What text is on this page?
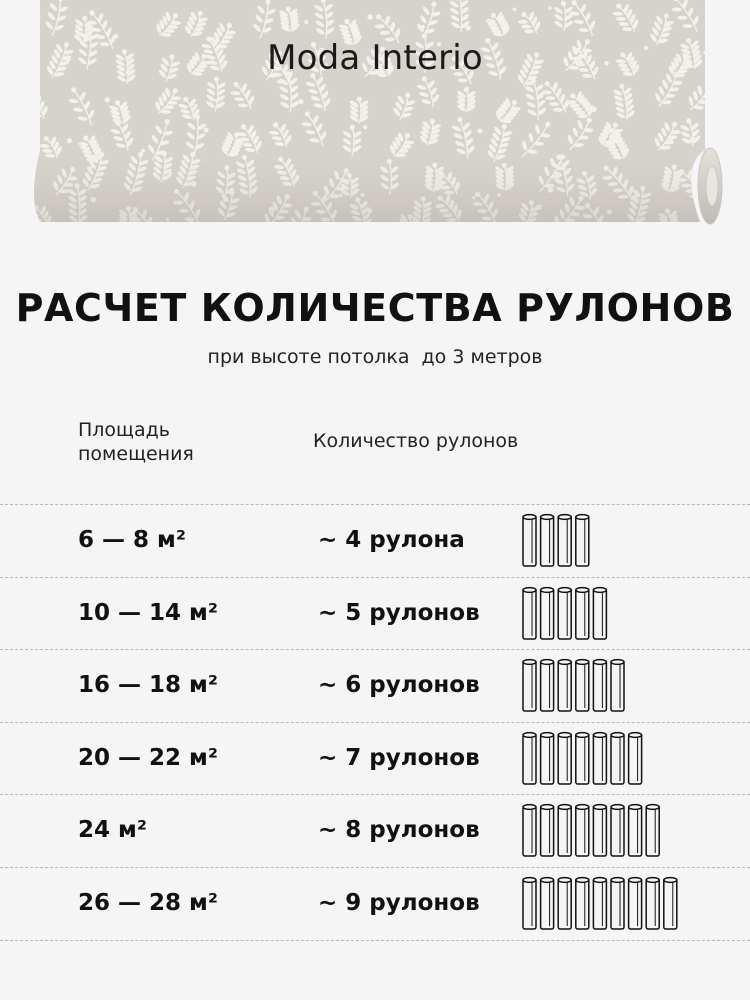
Moda Interio
РАСЧЕТ КОЛИЧЕСТВА РУЛОНОВ
при высоте потолка  до 3 метров
Площадь
помещения
Количество рулонов
6 — 8 м²	~ 4 рулона
10 — 14 м²	~ 5 рулонов
16 — 18 м²	~ 6 рулонов
20 — 22 м²	~ 7 рулонов
24 м²	~ 8 рулонов
26 — 28 м²	~ 9 рулонов
